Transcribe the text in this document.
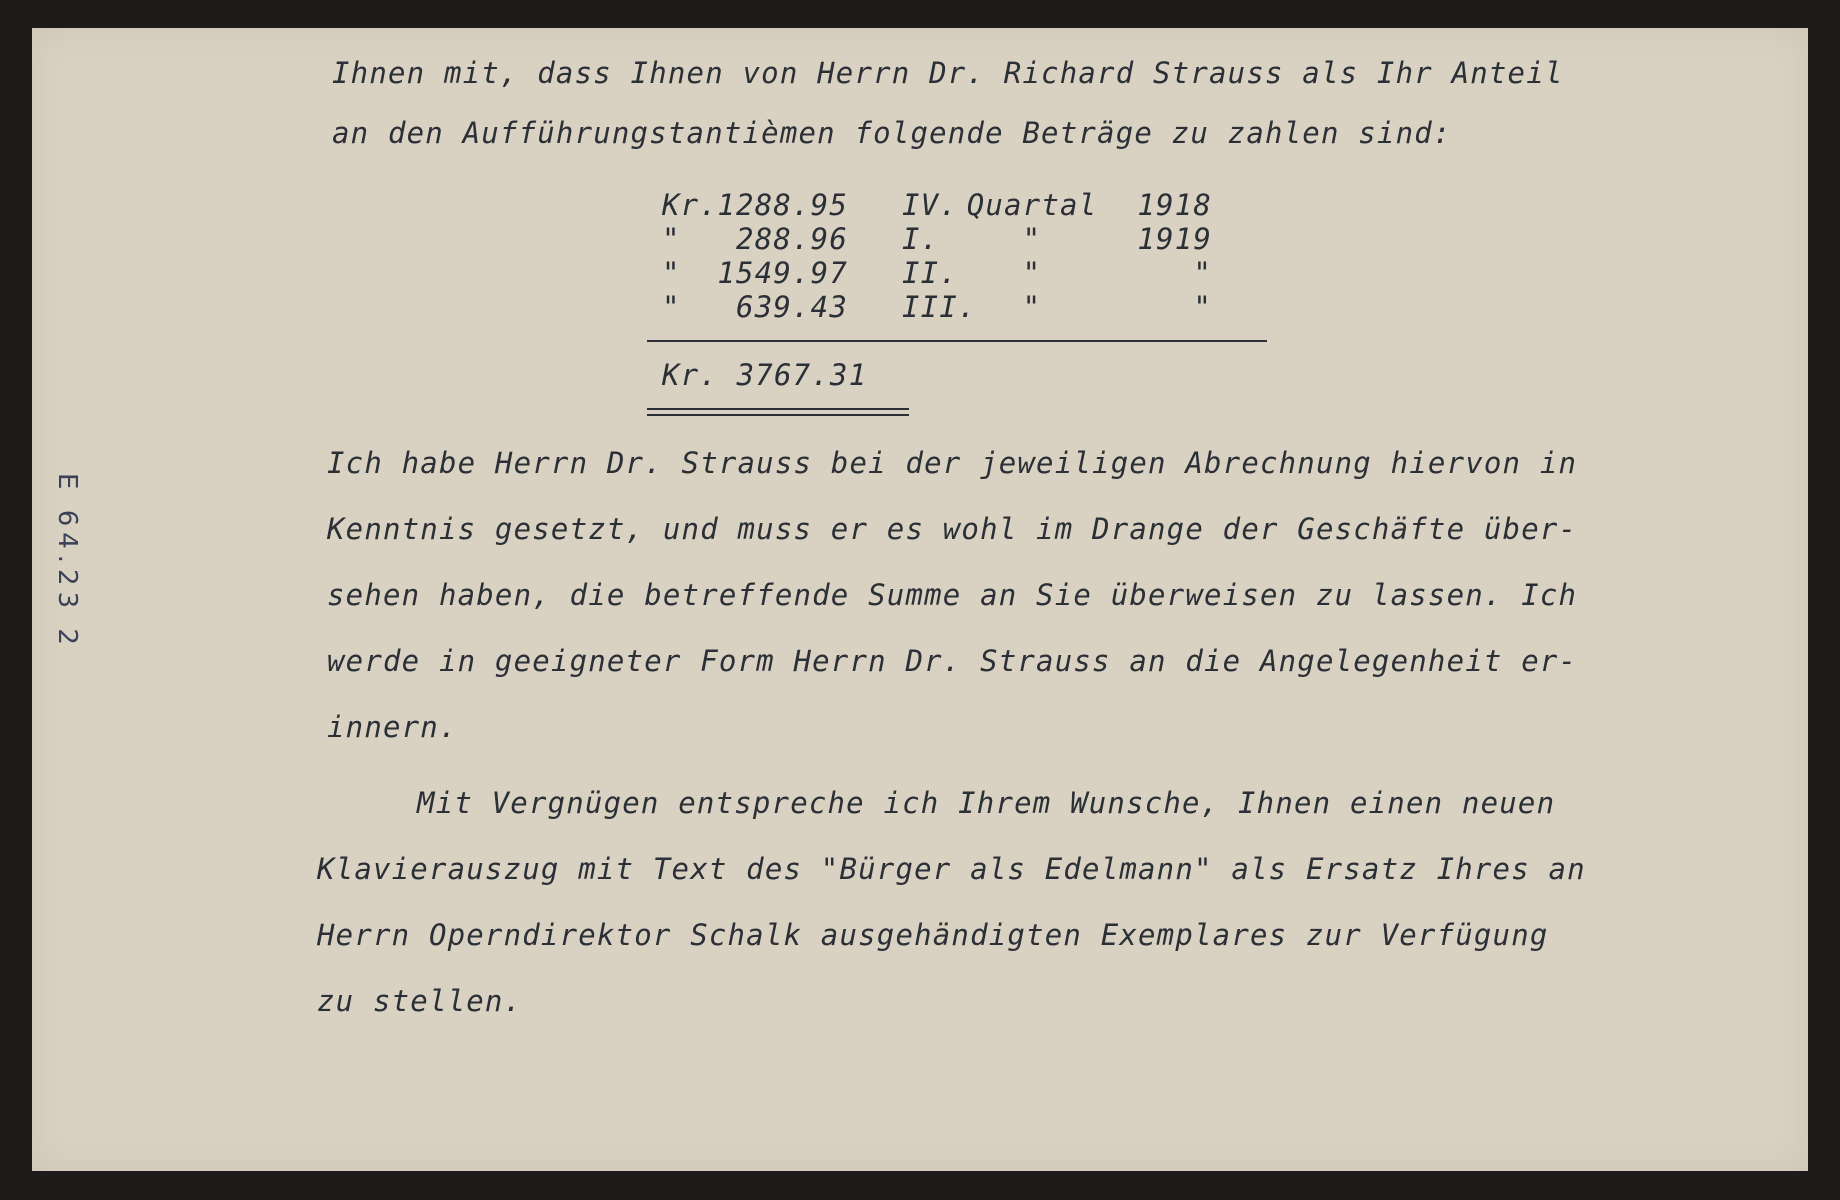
Ihnen mit, dass Ihnen von Herrn Dr. Richard Strauss als Ihr Anteil
an den Aufführungstantièmen folgende Beträge zu zahlen sind:
Kr. 1288.95 IV. Quartal	1918
"	288.96 I.	"	1919
"	1549.97 II.	"	"
"	639.43 III.	"	"
Kr. 3767.31
Ich habe Herrn Dr. Strauss bei der jeweiligen Abrechnung hiervon in
Kenntnis gesetzt, und muss er es wohl im Drange der Geschäfte über-
sehen haben, die betreffende Summe an Sie überweisen zu lassen. Ich
werde in geeigneter Form Herrn Dr. Strauss an die Angelegenheit er-
innern.
Mit Vergnügen entspreche ich Ihrem Wunsche, Ihnen einen neuen
Klavierauszug mit Text des "Bürger als Edelmann" als Ersatz Ihres an
Herrn Operndirektor Schalk ausgehändigten Exemplares zur Verfügung
zu stellen.
E 64.23 2
